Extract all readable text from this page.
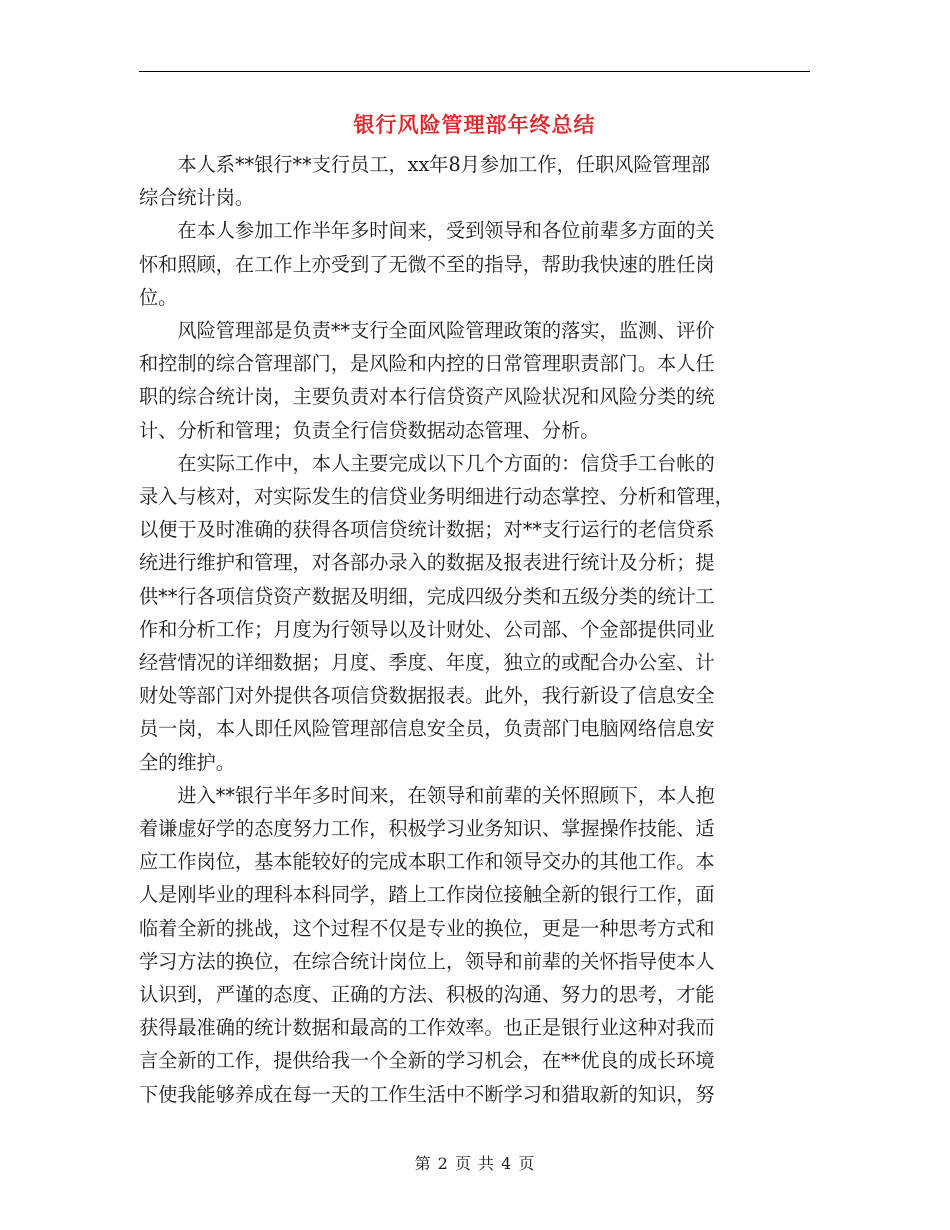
银行风险管理部年终总结

本人系**银行**支行员工，xx年8月参加工作，任职风险管理部
综合统计岗。

在本人参加工作半年多时间来，受到领导和各位前辈多方面的关
怀和照顾，在工作上亦受到了无微不至的指导，帮助我快速的胜任岗
位。

风险管理部是负责**支行全面风险管理政策的落实，监测、评价
和控制的综合管理部门，是风险和内控的日常管理职责部门。本人任
职的综合统计岗，主要负责对本行信贷资产风险状况和风险分类的统
计、分析和管理；负责全行信贷数据动态管理、分析。

在实际工作中，本人主要完成以下几个方面的：信贷手工台帐的
录入与核对，对实际发生的信贷业务明细进行动态掌控、分析和管理，
以便于及时准确的获得各项信贷统计数据；对**支行运行的老信贷系
统进行维护和管理，对各部办录入的数据及报表进行统计及分析；提
供**行各项信贷资产数据及明细，完成四级分类和五级分类的统计工
作和分析工作；月度为行领导以及计财处、公司部、个金部提供同业
经营情况的详细数据；月度、季度、年度，独立的或配合办公室、计
财处等部门对外提供各项信贷数据报表。此外，我行新设了信息安全
员一岗，本人即任风险管理部信息安全员，负责部门电脑网络信息安
全的维护。

进入**银行半年多时间来，在领导和前辈的关怀照顾下，本人抱
着谦虚好学的态度努力工作，积极学习业务知识、掌握操作技能、适
应工作岗位，基本能较好的完成本职工作和领导交办的其他工作。本
人是刚毕业的理科本科同学，踏上工作岗位接触全新的银行工作，面
临着全新的挑战，这个过程不仅是专业的换位，更是一种思考方式和
学习方法的换位，在综合统计岗位上，领导和前辈的关怀指导使本人
认识到，严谨的态度、正确的方法、积极的沟通、努力的思考，才能
获得最准确的统计数据和最高的工作效率。也正是银行业这种对我而
言全新的工作，提供给我一个全新的学习机会，在**优良的成长环境
下使我能够养成在每一天的工作生活中不断学习和猎取新的知识，努

第 2 页 共 4 页
